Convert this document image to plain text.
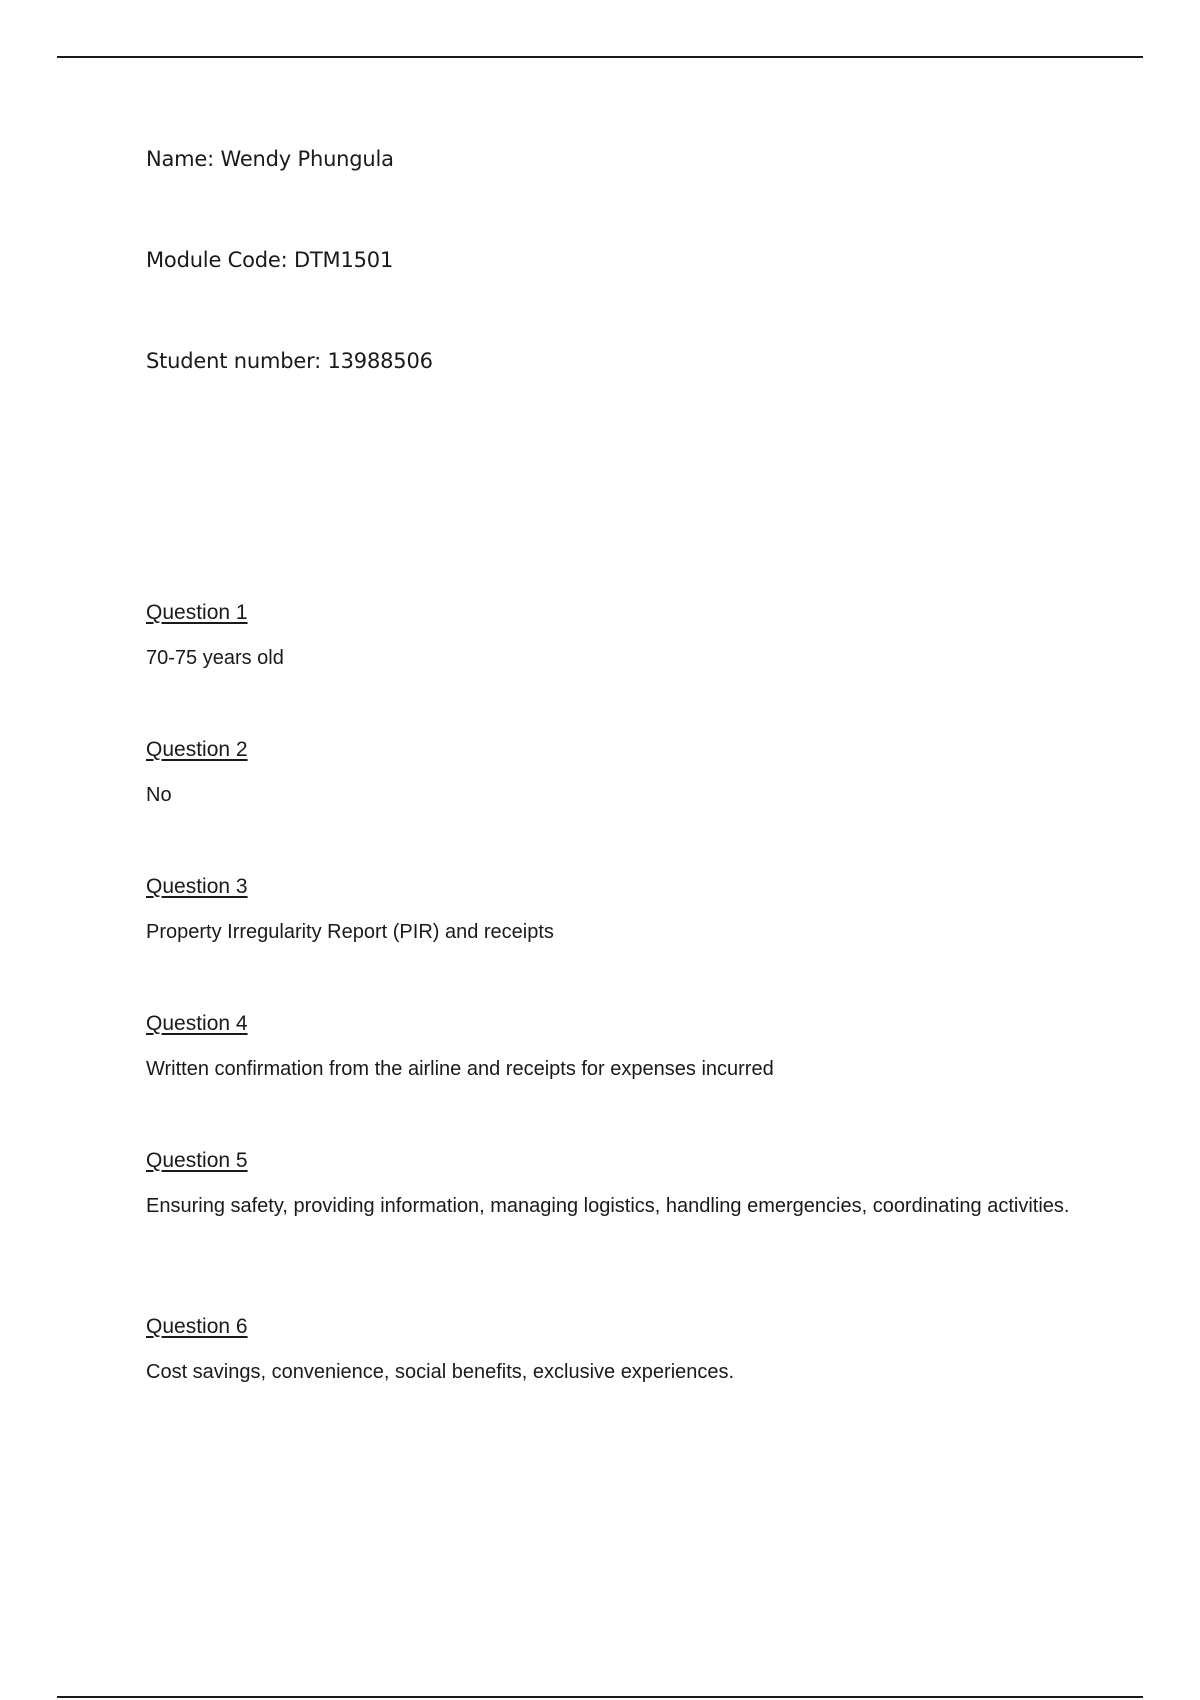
Name: Wendy Phungula
Module Code: DTM1501
Student number: 13988506

Question 1

70-75 years old

Question 2

No

Question 3

Property Irregularity Report (PIR) and receipts

Question 4

Written confirmation from the airline and receipts for expenses incurred

Question 5

Ensuring safety, providing information, managing logistics, handling emergencies, coordinating activities.

Question 6

Cost savings, convenience, social benefits, exclusive experiences.
